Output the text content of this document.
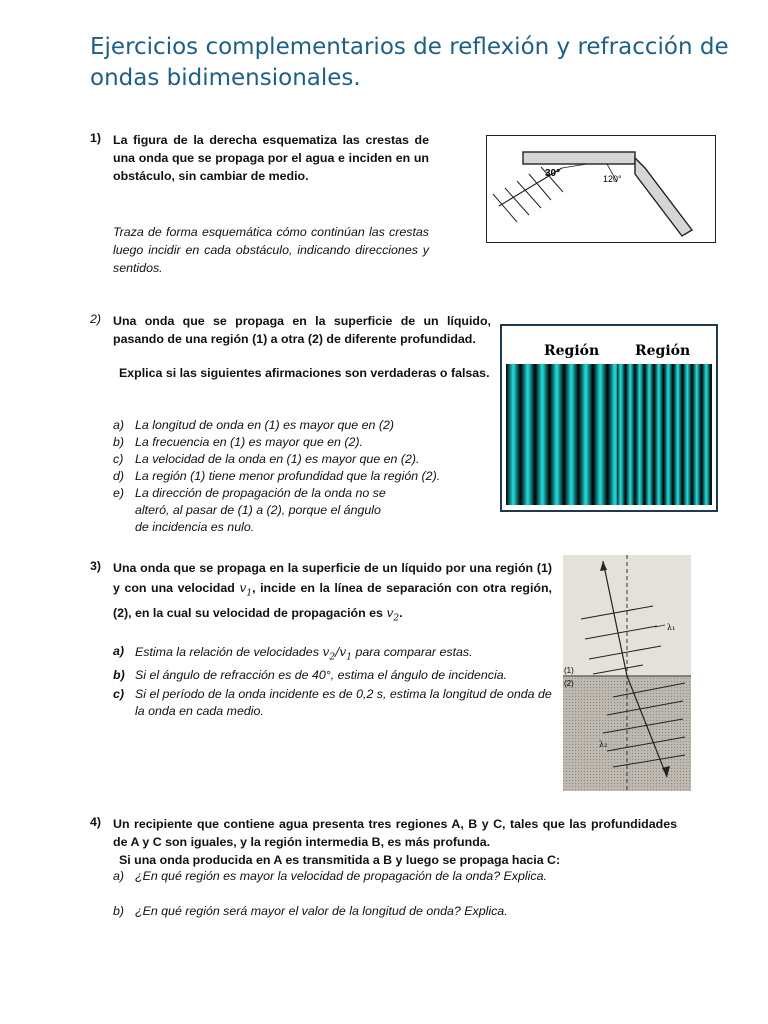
Ejercicios complementarios de reflexión y refracción de ondas bidimensionales.
1) La figura de la derecha esquematiza las crestas de una onda que se propaga por el agua e inciden en un obstáculo, sin cambiar de medio.
Traza de forma esquemática cómo continúan las crestas luego incidir en cada obstáculo, indicando direcciones y sentidos.
30°	120°
2) Una onda que se propaga en la superficie de un líquido, pasando de una región (1) a otra (2) de diferente profundidad.
Explica si las siguientes afirmaciones son verdaderas o falsas.
a) La longitud de onda en (1) es mayor que en (2)
b) La frecuencia en (1) es mayor que en (2).
c) La velocidad de la onda en (1) es mayor que en (2).
d) La región (1) tiene menor profundidad que la región (2).
e) La dirección de propagación de la onda no se alteró, al pasar de (1) a (2), porque el ángulo de incidencia es nulo.
Región	Región
3) Una onda que se propaga en la superficie de un líquido por una región (1) y con una velocidad $v_1$, incide en la línea de separación con otra región, (2), en la cual su velocidad de propagación es $v_2$.
a) Estima la relación de velocidades $v_2/v_1$ para comparar estas.
b) Si el ángulo de refracción es de 40°, estima el ángulo de incidencia.
c) Si el período de la onda incidente es de 0,2 s, estima la longitud de onda de la onda en cada medio.
λ₁
λ₂
(1)
(2)
4) Un recipiente que contiene agua presenta tres regiones A, B y C, tales que las profundidades de A y C son iguales, y la región intermedia B, es más profunda.
Si una onda producida en A es transmitida a B y luego se propaga hacia C:
a) ¿En qué región es mayor la velocidad de propagación de la onda? Explica.
b) ¿En qué región será mayor el valor de la longitud de onda? Explica.
